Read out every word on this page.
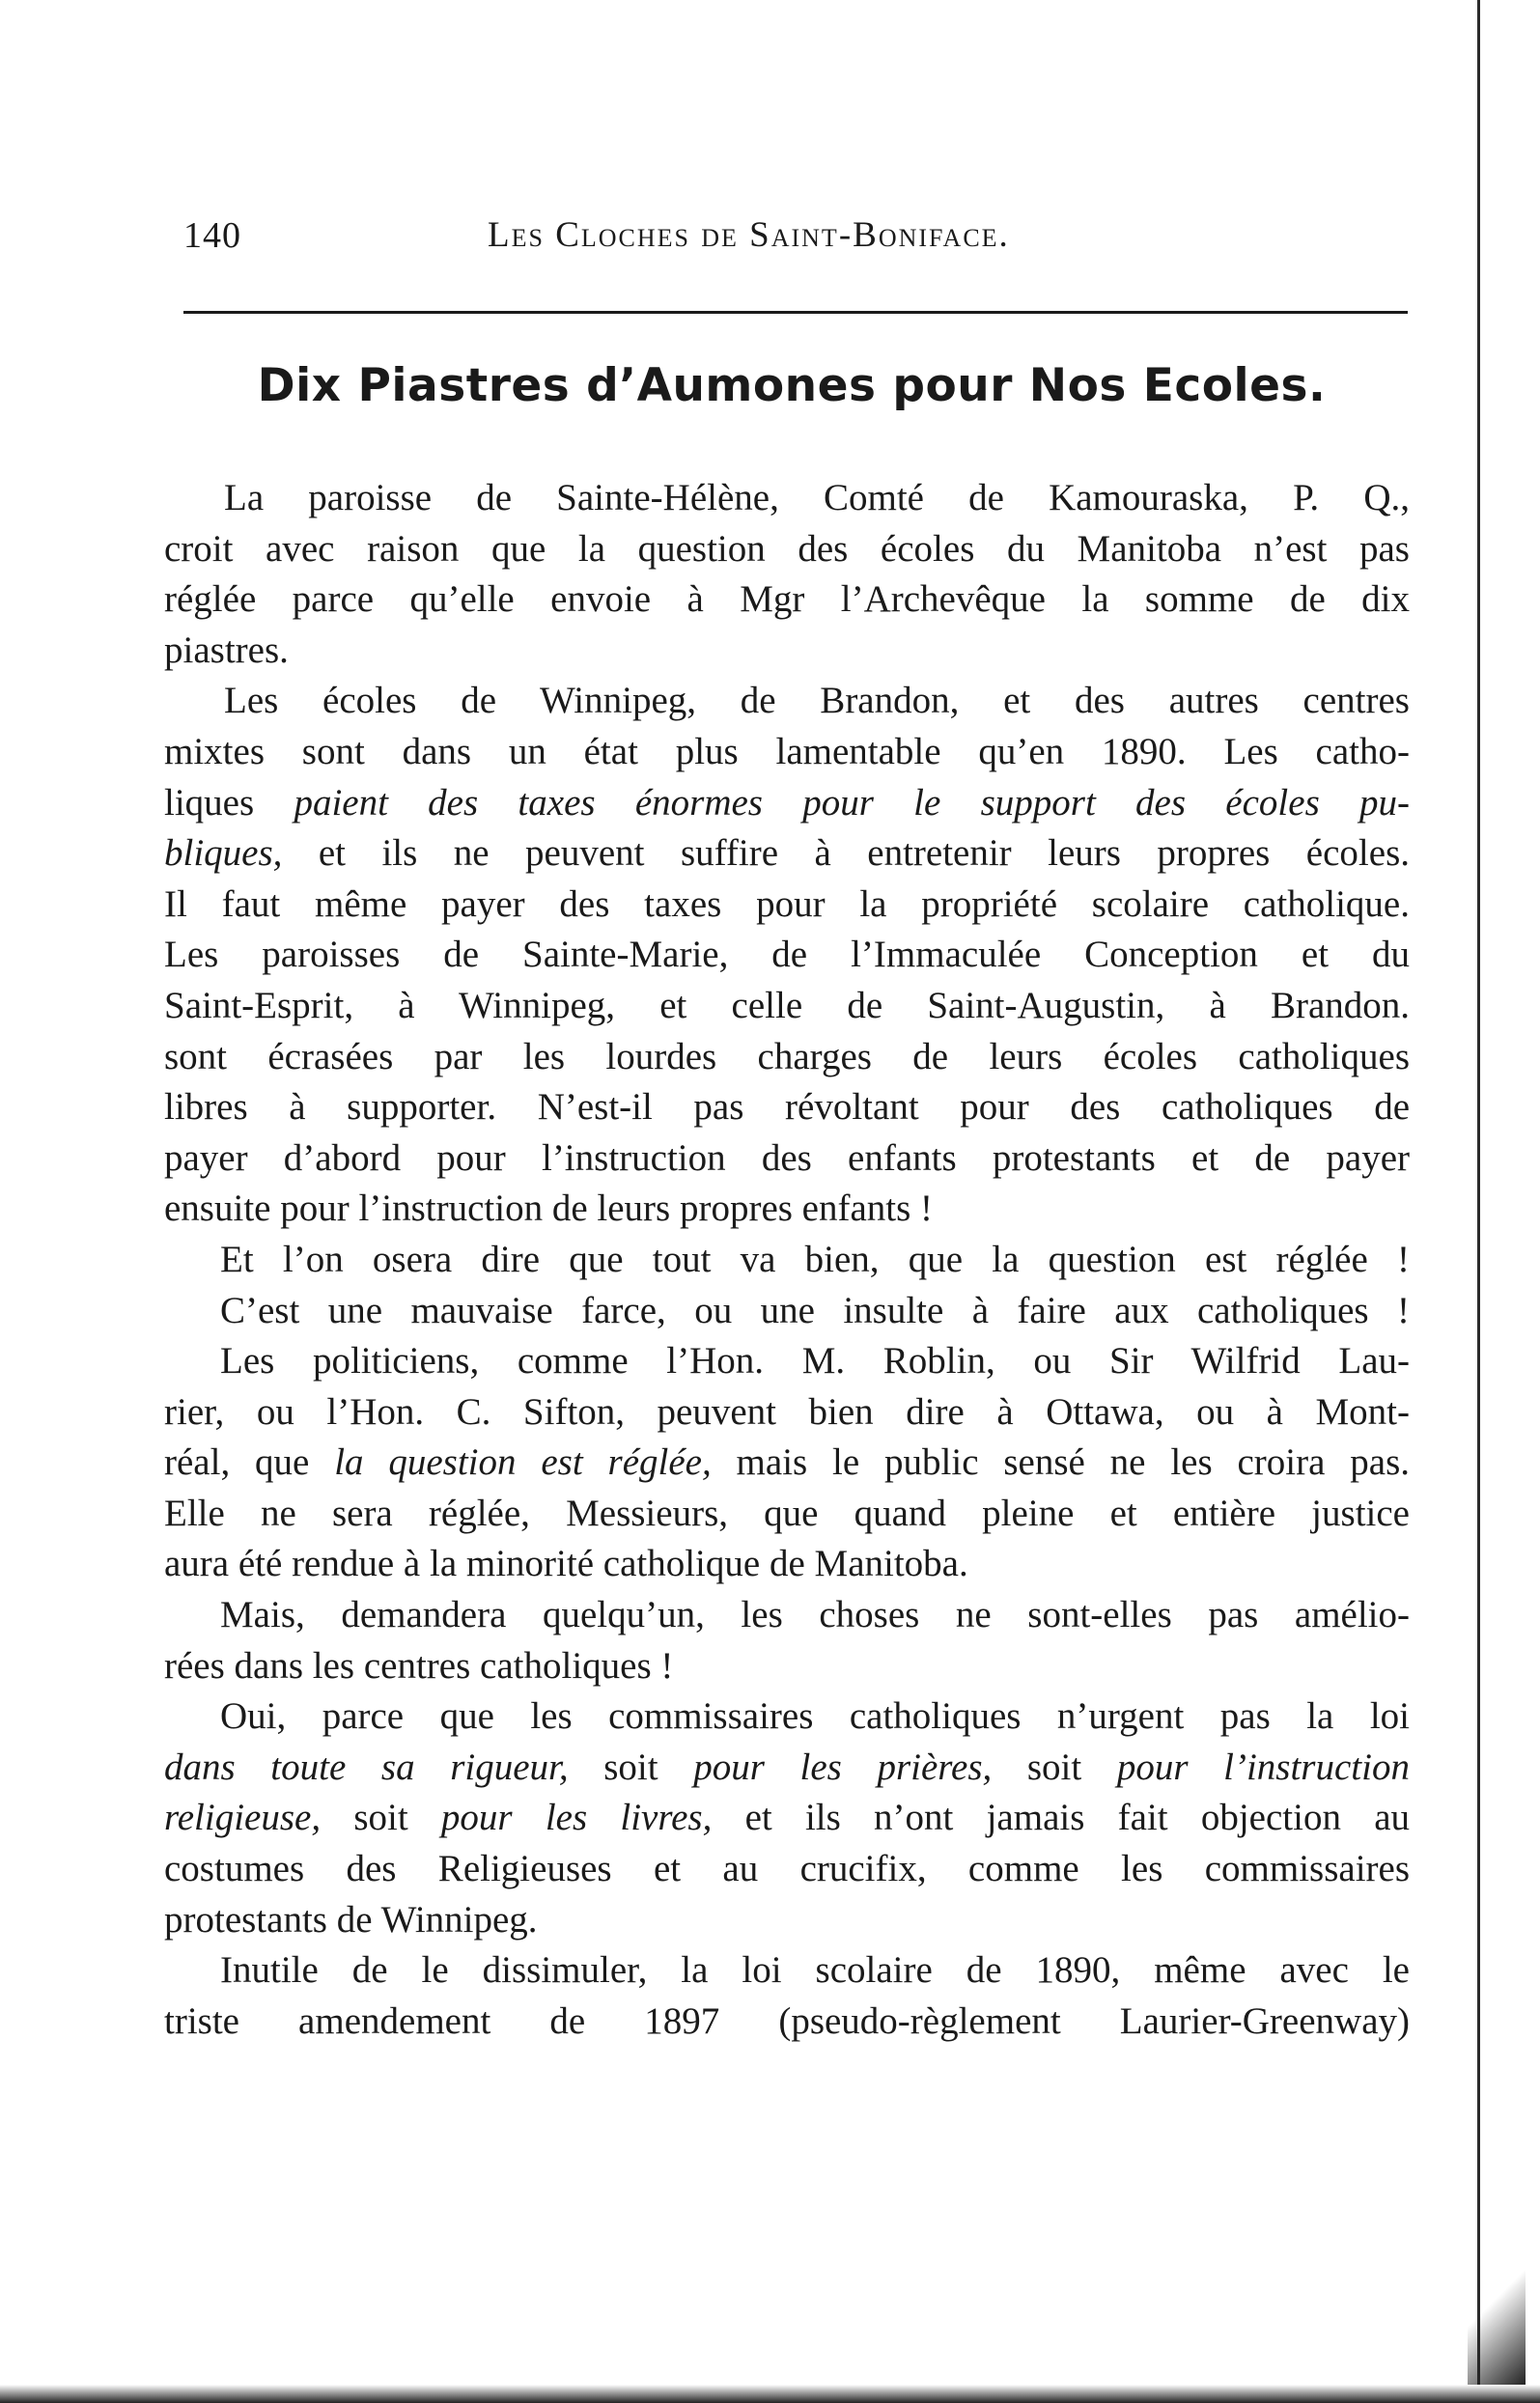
140	Les Cloches de Saint-Boniface.
Dix Piastres d’Aumones pour Nos Ecoles.
La paroisse de Sainte-Hélène, Comté de Kamouraska, P. Q.,
croit avec raison que la question des écoles du Manitoba n’est pas
réglée parce qu’elle envoie à Mgr l’Archevêque la somme de dix
piastres.
Les écoles de Winnipeg, de Brandon, et des autres centres
mixtes sont dans un état plus lamentable qu’en 1890. Les catho-
liques paient des taxes énormes pour le support des écoles pu-
bliques, et ils ne peuvent suffire à entretenir leurs propres écoles.
Il faut même payer des taxes pour la propriété scolaire catholique.
Les paroisses de Sainte-Marie, de l’Immaculée Conception et du
Saint-Esprit, à Winnipeg, et celle de Saint-Augustin, à Brandon.
sont écrasées par les lourdes charges de leurs écoles catholiques
libres à supporter. N’est-il pas révoltant pour des catholiques de
payer d’abord pour l’instruction des enfants protestants et de payer
ensuite pour l’instruction de leurs propres enfants !
Et l’on osera dire que tout va bien, que la question est réglée !
C’est une mauvaise farce, ou une insulte à faire aux catholiques !
Les politiciens, comme l’Hon. M. Roblin, ou Sir Wilfrid Lau-
rier, ou l’Hon. C. Sifton, peuvent bien dire à Ottawa, ou à Mont-
réal, que la question est réglée, mais le public sensé ne les croira pas.
Elle ne sera réglée, Messieurs, que quand pleine et entière justice
aura été rendue à la minorité catholique de Manitoba.
Mais, demandera quelqu’un, les choses ne sont-elles pas amélio-
rées dans les centres catholiques !
Oui, parce que les commissaires catholiques n’urgent pas la loi
dans toute sa rigueur, soit pour les prières, soit pour l’instruction
religieuse, soit pour les livres, et ils n’ont jamais fait objection au
costumes des Religieuses et au crucifix, comme les commissaires
protestants de Winnipeg.
Inutile de le dissimuler, la loi scolaire de 1890, même avec le
triste amendement de 1897 (pseudo-règlement Laurier-Greenway)
